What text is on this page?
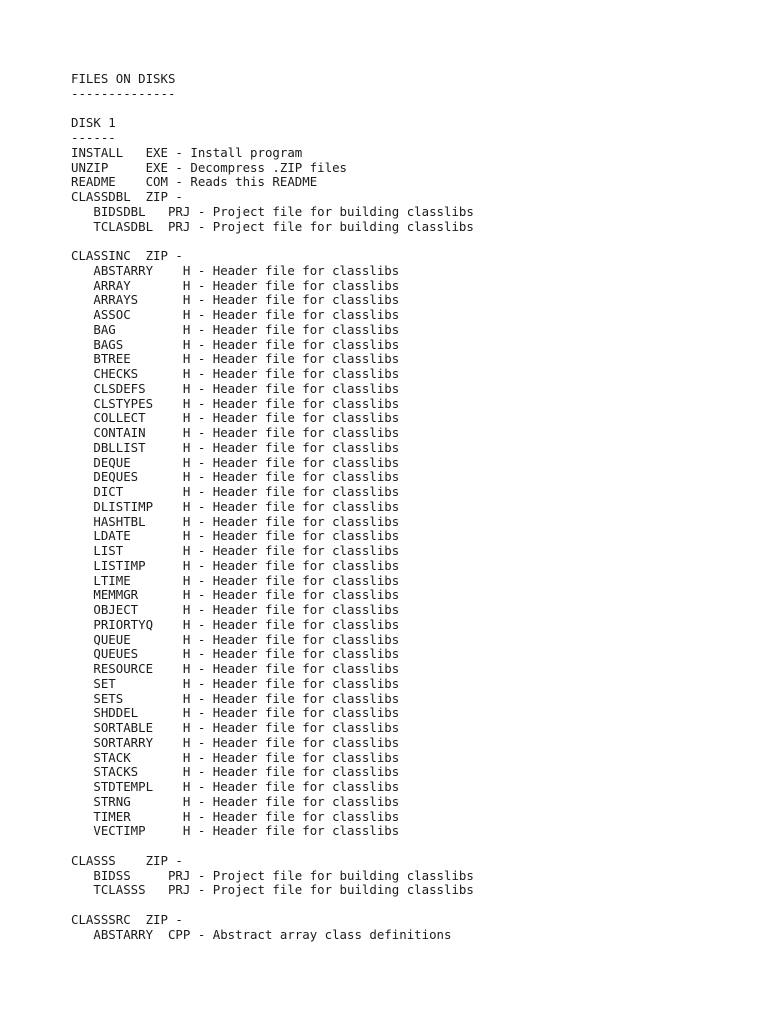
FILES ON DISKS
--------------
DISK 1
------
INSTALL   EXE - Install program
UNZIP     EXE - Decompress .ZIP files
README    COM - Reads this README
CLASSDBL  ZIP -
BIDSDBL   PRJ - Project file for building classlibs
TCLASDBL  PRJ - Project file for building classlibs
CLASSINC  ZIP -
ABSTARRY    H - Header file for classlibs
ARRAY       H - Header file for classlibs
ARRAYS      H - Header file for classlibs
ASSOC       H - Header file for classlibs
BAG         H - Header file for classlibs
BAGS        H - Header file for classlibs
BTREE       H - Header file for classlibs
CHECKS      H - Header file for classlibs
CLSDEFS     H - Header file for classlibs
CLSTYPES    H - Header file for classlibs
COLLECT     H - Header file for classlibs
CONTAIN     H - Header file for classlibs
DBLLIST     H - Header file for classlibs
DEQUE       H - Header file for classlibs
DEQUES      H - Header file for classlibs
DICT        H - Header file for classlibs
DLISTIMP    H - Header file for classlibs
HASHTBL     H - Header file for classlibs
LDATE       H - Header file for classlibs
LIST        H - Header file for classlibs
LISTIMP     H - Header file for classlibs
LTIME       H - Header file for classlibs
MEMMGR      H - Header file for classlibs
OBJECT      H - Header file for classlibs
PRIORTYQ    H - Header file for classlibs
QUEUE       H - Header file for classlibs
QUEUES      H - Header file for classlibs
RESOURCE    H - Header file for classlibs
SET         H - Header file for classlibs
SETS        H - Header file for classlibs
SHDDEL      H - Header file for classlibs
SORTABLE    H - Header file for classlibs
SORTARRY    H - Header file for classlibs
STACK       H - Header file for classlibs
STACKS      H - Header file for classlibs
STDTEMPL    H - Header file for classlibs
STRNG       H - Header file for classlibs
TIMER       H - Header file for classlibs
VECTIMP     H - Header file for classlibs
CLASSS    ZIP -
BIDSS     PRJ - Project file for building classlibs
TCLASSS   PRJ - Project file for building classlibs
CLASSSRC  ZIP -
ABSTARRY  CPP - Abstract array class definitions
